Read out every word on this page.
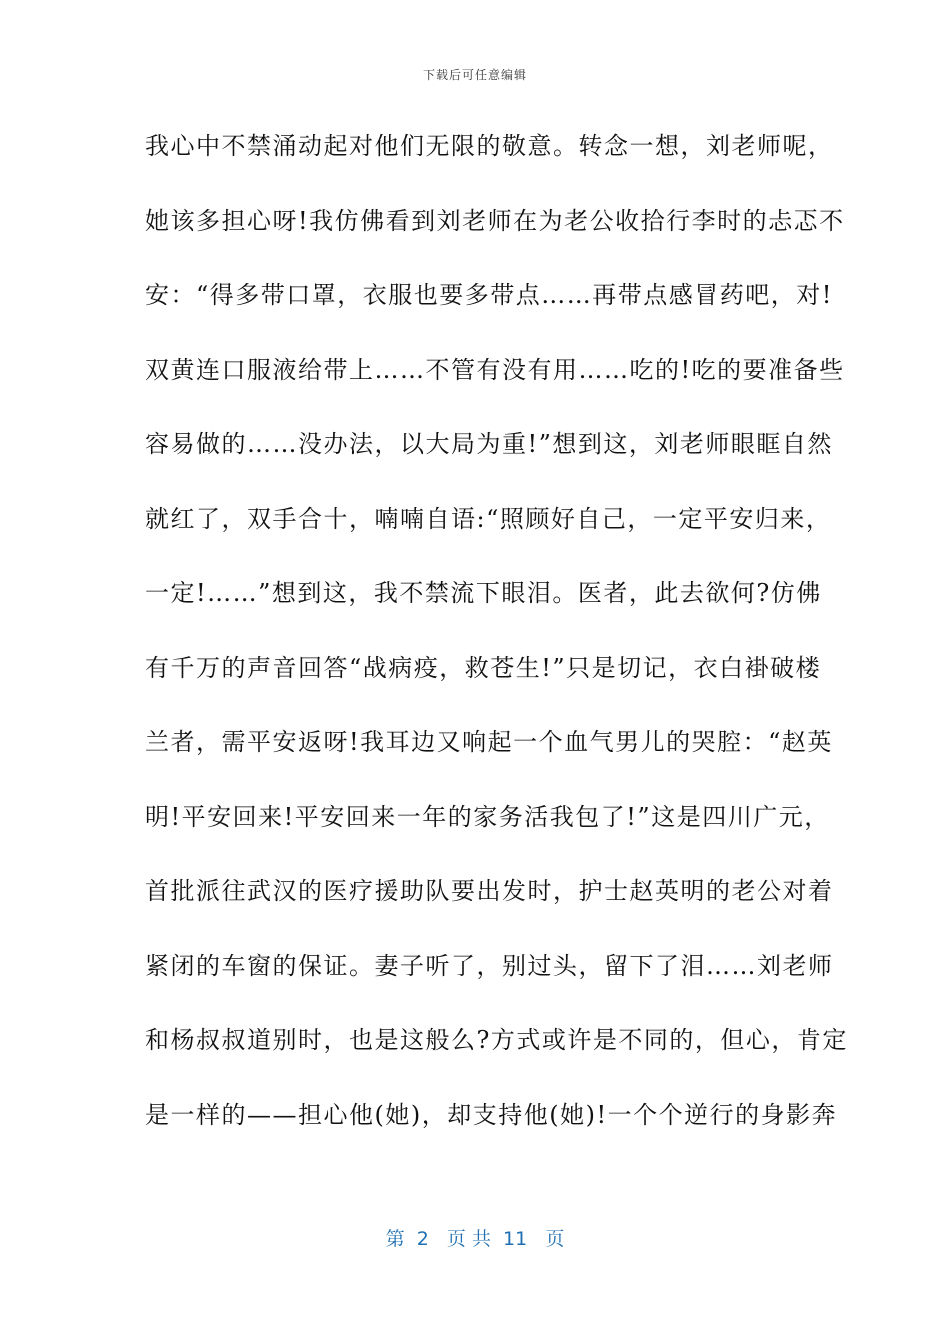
下载后可任意编辑
我心中不禁涌动起对他们无限的敬意。转念一想，刘老师呢，
她该多担心呀!我仿佛看到刘老师在为老公收拾行李时的忐忑不
安：“得多带口罩，衣服也要多带点……再带点感冒药吧，对!
双黄连口服液给带上……不管有没有用……吃的!吃的要准备些
容易做的……没办法，以大局为重!”想到这，刘老师眼眶自然
就红了，双手合十，喃喃自语:“照顾好自己，一定平安归来，
一定!……”想到这，我不禁流下眼泪。医者，此去欲何?仿佛
有千万的声音回答“战病疫，救苍生!”只是切记，衣白褂破楼
兰者，需平安返呀!我耳边又响起一个血气男儿的哭腔：“赵英
明!平安回来!平安回来一年的家务活我包了!”这是四川广元，
首批派往武汉的医疗援助队要出发时，护士赵英明的老公对着
紧闭的车窗的保证。妻子听了，别过头，留下了泪……刘老师
和杨叔叔道别时，也是这般么?方式或许是不同的，但心，肯定
是一样的——担心他(她)，却支持他(她)!一个个逆行的身影奔
第  2   页 共  11   页
